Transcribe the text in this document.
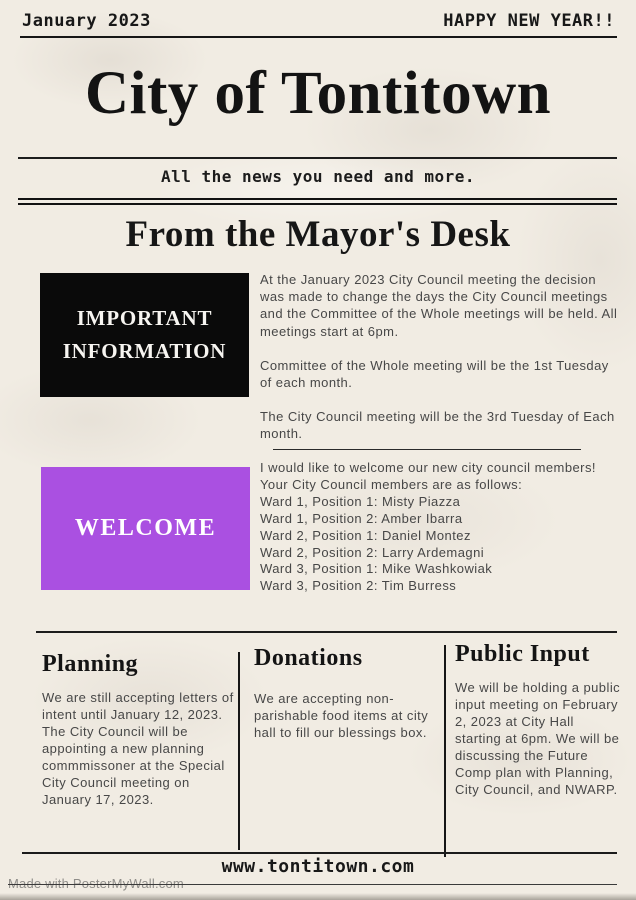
January 2023	HAPPY NEW YEAR!!
City of Tontitown
All the news you need and more.
From the Mayor's Desk
IMPORTANT
INFORMATION

At the January 2023 City Council meeting the decision was made to change the days the City Council meetings and the Committee of the Whole meetings will be held. All meetings start at 6pm.

Committee of the Whole meeting will be the 1st Tuesday of each month.

The City Council meeting will be the 3rd Tuesday of Each month.

WELCOME
I would like to welcome our new city council members! Your City Council members are as follows:
Ward 1, Position 1: Misty Piazza
Ward 1, Position 2: Amber Ibarra
Ward 2, Position 1: Daniel Montez
Ward 2, Position 2: Larry Ardemagni
Ward 3, Position 1: Mike Washkowiak
Ward 3, Position 2: Tim Burress
Planning
We are still accepting letters of intent until January 12, 2023. The City Council will be appointing a new planning commmissoner at the Special City Council meeting on January 17, 2023.
Donations
We are accepting non-parishable food items at city hall to fill our blessings box.
Public Input
We will be holding a public input meeting on February 2, 2023 at City Hall starting at 6pm. We will be discussing the Future Comp plan with Planning, City Council, and NWARP.
www.tontitown.com
Made with PosterMyWall.com
